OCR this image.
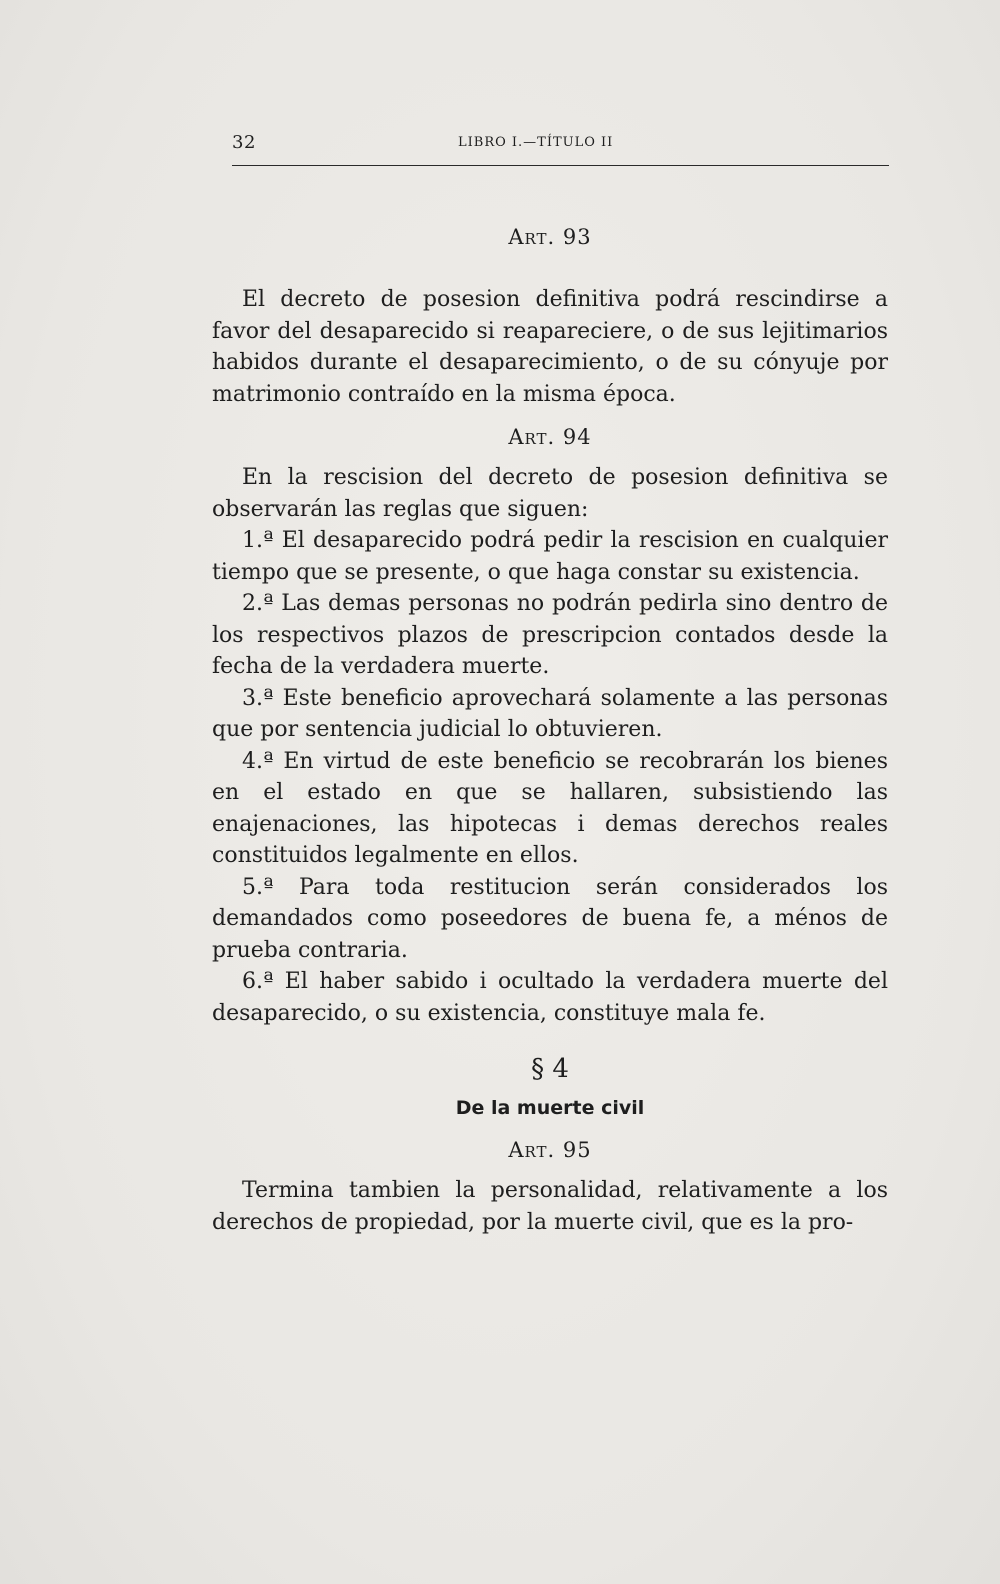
32	LIBRO I.—TÍTULO II
Art. 93

El decreto de posesion definitiva podrá rescindirse a favor del desaparecido si reapareciere, o de sus lejitimarios habidos durante el desaparecimiento, o de su cónyuje por matrimonio contraído en la misma época.

Art. 94

En la rescision del decreto de posesion definitiva se observarán las reglas que siguen:

1.ª El desaparecido podrá pedir la rescision en cualquier tiempo que se presente, o que haga constar su existencia.

2.ª Las demas personas no podrán pedirla sino dentro de los respectivos plazos de prescripcion contados desde la fecha de la verdadera muerte.

3.ª Este beneficio aprovechará solamente a las personas que por sentencia judicial lo obtuvieren.

4.ª En virtud de este beneficio se recobrarán los bienes en el estado en que se hallaren, subsistiendo las enajenaciones, las hipotecas i demas derechos reales constituidos legalmente en ellos.

5.ª Para toda restitucion serán considerados los demandados como poseedores de buena fe, a ménos de prueba contraria.

6.ª El haber sabido i ocultado la verdadera muerte del desaparecido, o su existencia, constituye mala fe.

§ 4
De la muerte civil
Art. 95

Termina tambien la personalidad, relativamente a los derechos de propiedad, por la muerte civil, que es la pro-
